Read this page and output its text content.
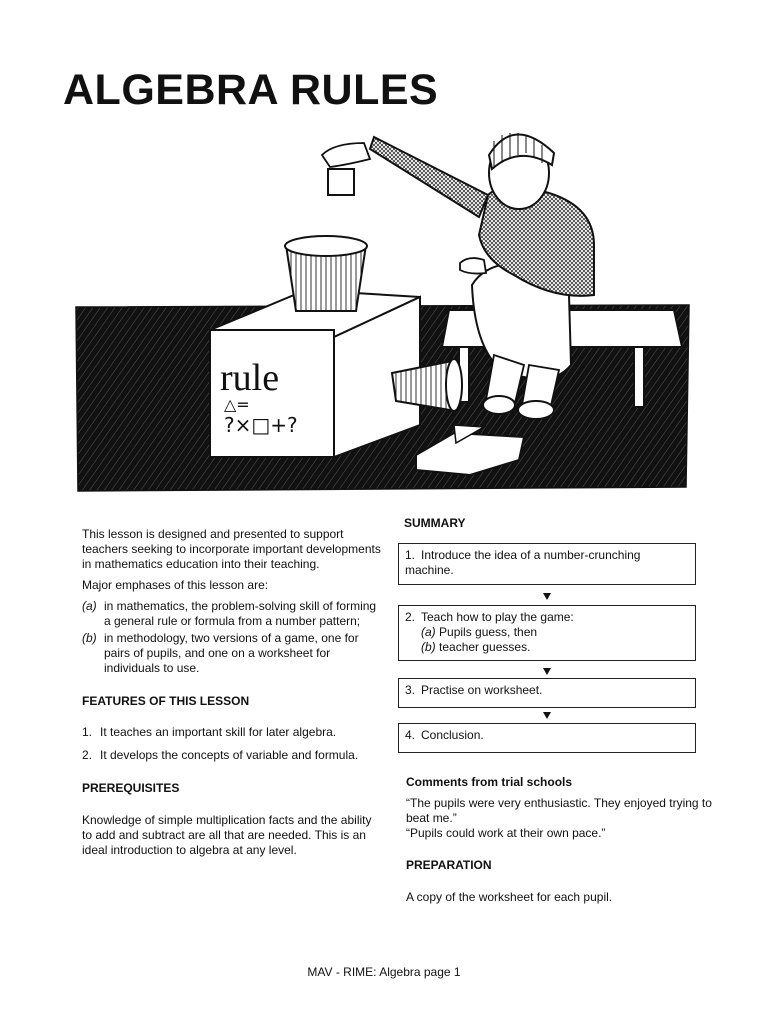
ALGEBRA RULES
rule
△=
?×□+?

This lesson is designed and presented to support teachers seeking to incorporate important developments in mathematics education into their teaching.

Major emphases of this lesson are:

(a) in mathematics, the problem-solving skill of forming a general rule or formula from a number pattern;
(b) in methodology, two versions of a game, one for pairs of pupils, and one on a worksheet for individuals to use.

FEATURES OF THIS LESSON

1. It teaches an important skill for later algebra.
2. It develops the concepts of variable and formula.

PREREQUISITES

Knowledge of simple multiplication facts and the ability to add and subtract are all that are needed. This is an ideal introduction to algebra at any level.

SUMMARY

1. Introduce the idea of a number-crunching machine.
2. Teach how to play the game:
(a) Pupils guess, then
(b) teacher guesses.
3. Practise on worksheet.
4. Conclusion.

Comments from trial schools

“The pupils were very enthusiastic. They enjoyed trying to beat me.”

“Pupils could work at their own pace.”

PREPARATION

A copy of the worksheet for each pupil.

MAV - RIME: Algebra page 1
